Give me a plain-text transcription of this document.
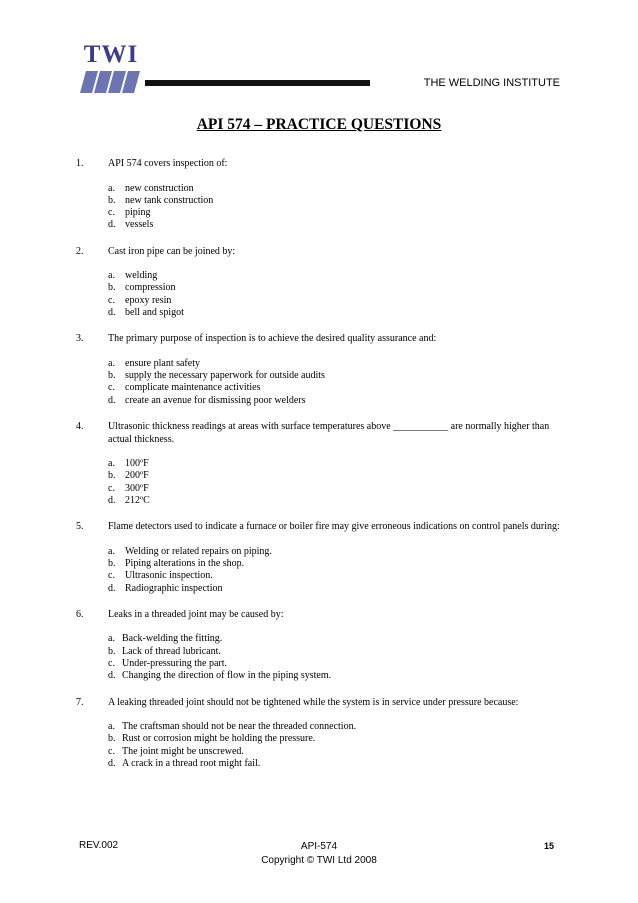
TWI
THE WELDING INSTITUTE
API 574 – PRACTICE QUESTIONS
1. API 574 covers inspection of:
a.	new construction
b. new tank construction
c.	piping
d. vessels
2. Cast iron pipe can be joined by:
a.	welding
b. compression
c.	epoxy resin
d. bell and spigot
3. The primary purpose of inspection is to achieve the desired quality assurance and:
a.	ensure plant safety
b. supply the necessary paperwork for outside audits
c.	complicate maintenance activities
d. create an avenue for dismissing poor welders
4. Ultrasonic thickness readings at areas with surface temperatures above ___________ are normally higher than actual thickness.
a.	100ºF
b. 200ºF
c.	300ºF
d. 212ºC
5. Flame detectors used to indicate a furnace or boiler fire may give erroneous indications on control panels during:
a.	Welding or related repairs on piping.
b. Piping alterations in the shop.
c.	Ultrasonic inspection.
d. Radiographic inspection
6. Leaks in a threaded joint may be caused by:
a. Back-welding the fitting.
b. Lack of thread lubricant.
c. Under-pressuring the part.
d. Changing the direction of flow in the piping system.
7. A leaking threaded joint should not be tightened while the system is in service under pressure because:
a. The craftsman should not be near the threaded connection.
b. Rust or corrosion might be holding the pressure.
c. The joint might be unscrewed.
d. A crack in a thread root might fail.
REV.002	API-574
Copyright © TWI Ltd 2008
15
